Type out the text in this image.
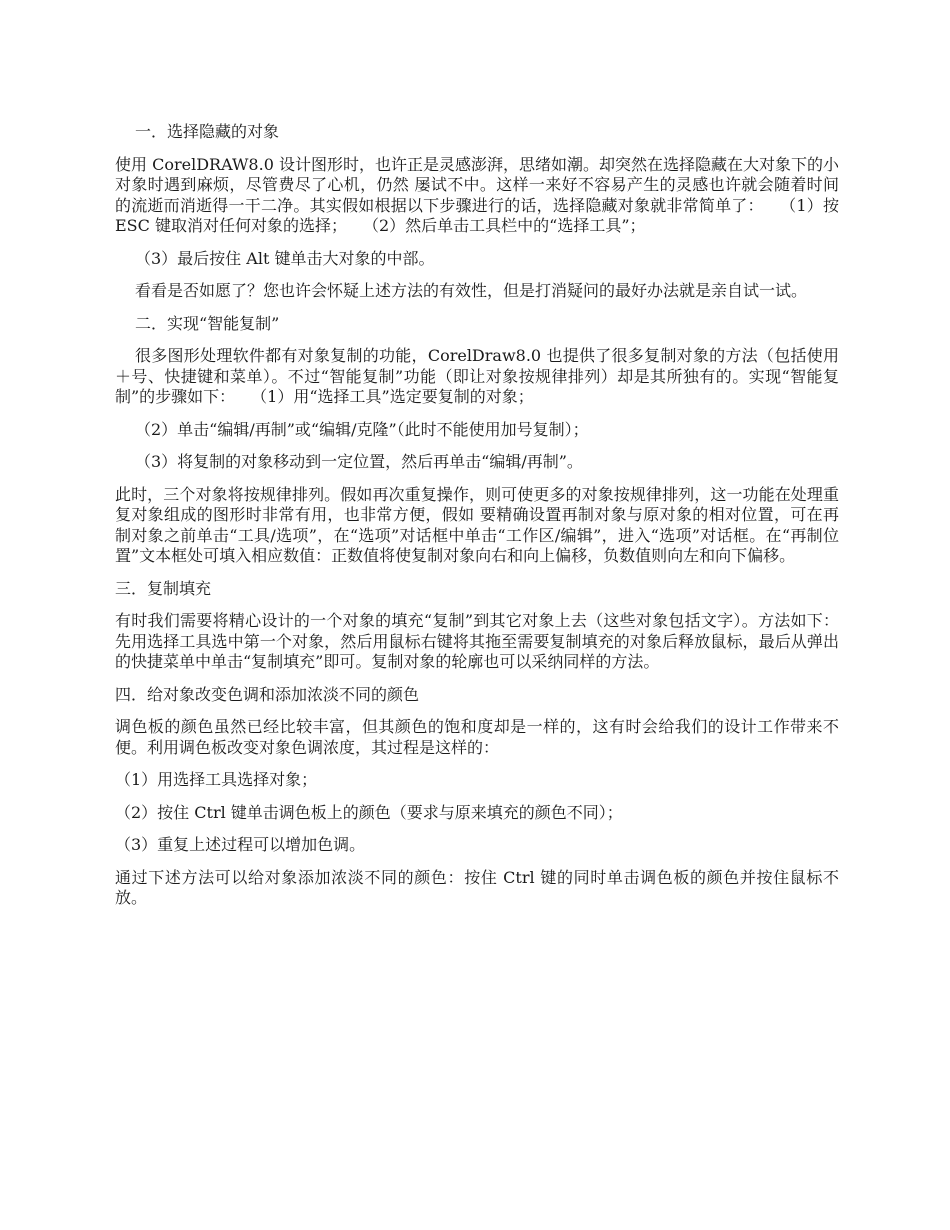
一．选择隐藏的对象

使用 CorelDRAW8.0 设计图形时，也许正是灵感澎湃，思绪如潮。却突然在选择隐藏在大对象下的小对象时遇到麻烦，尽管费尽了心机，仍然 屡试不中。这样一来好不容易产生的灵感也许就会随着时间的流逝而消逝得一干二净。其实假如根据以下步骤进行的话，选择隐藏对象就非常简单了：　　（1）按 ESC 键取消对任何对象的选择；　　（2）然后单击工具栏中的“选择工具”；

（3）最后按住 Alt 键单击大对象的中部。

看看是否如愿了？您也许会怀疑上述方法的有效性，但是打消疑问的最好办法就是亲自试一试。

二．实现“智能复制”

很多图形处理软件都有对象复制的功能，CorelDraw8.0 也提供了很多复制对象的方法（包括使用＋号、快捷键和菜单）。不过“智能复制”功能（即让对象按规律排列）却是其所独有的。实现“智能复制”的步骤如下：　　（1）用“选择工具”选定要复制的对象；

（2）单击“编辑/再制”或“编辑/克隆”（此时不能使用加号复制）；

（3）将复制的对象移动到一定位置，然后再单击“编辑/再制”。

此时，三个对象将按规律排列。假如再次重复操作，则可使更多的对象按规律排列，这一功能在处理重复对象组成的图形时非常有用，也非常方便，假如 要精确设置再制对象与原对象的相对位置，可在再制对象之前单击“工具/选项”，在“选项”对话框中单击“工作区/编辑”，进入“选项”对话框。在“再制位 置”文本框处可填入相应数值：正数值将使复制对象向右和向上偏移，负数值则向左和向下偏移。

三．复制填充

有时我们需要将精心设计的一个对象的填充“复制”到其它对象上去（这些对象包括文字）。方法如下：先用选择工具选中第一个对象，然后用鼠标右键将其拖至需要复制填充的对象后释放鼠标，最后从弹出的快捷菜单中单击“复制填充”即可。复制对象的轮廓也可以采纳同样的方法。

四．给对象改变色调和添加浓淡不同的颜色

调色板的颜色虽然已经比较丰富，但其颜色的饱和度却是一样的，这有时会给我们的设计工作带来不便。利用调色板改变对象色调浓度，其过程是这样的：

（1）用选择工具选择对象；

（2）按住 Ctrl 键单击调色板上的颜色（要求与原来填充的颜色不同）；

（3）重复上述过程可以增加色调。

通过下述方法可以给对象添加浓淡不同的颜色：按住 Ctrl 键的同时单击调色板的颜色并按住鼠标不放。
